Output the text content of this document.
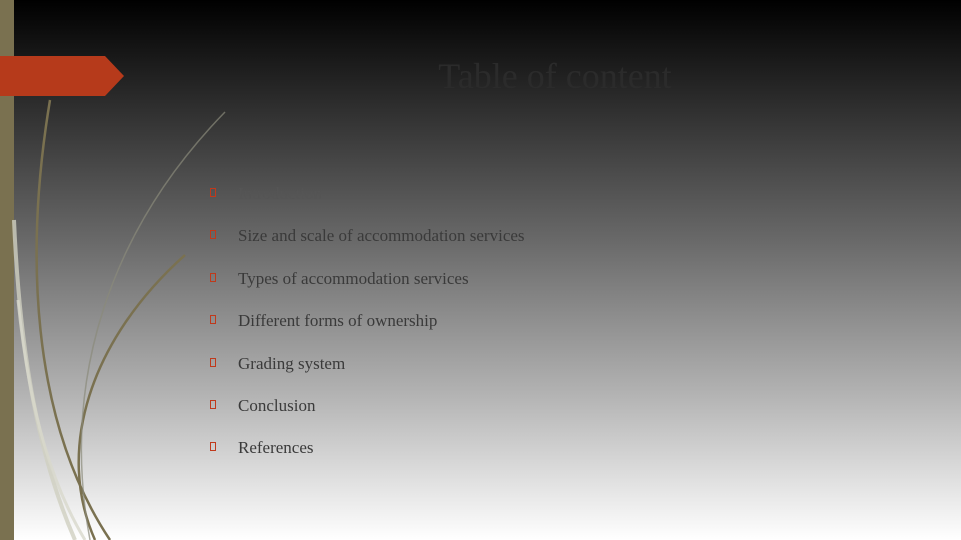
Table of content
Introduction
Size and scale of accommodation services
Types of accommodation services
Different forms of ownership
Grading system
Conclusion
References
